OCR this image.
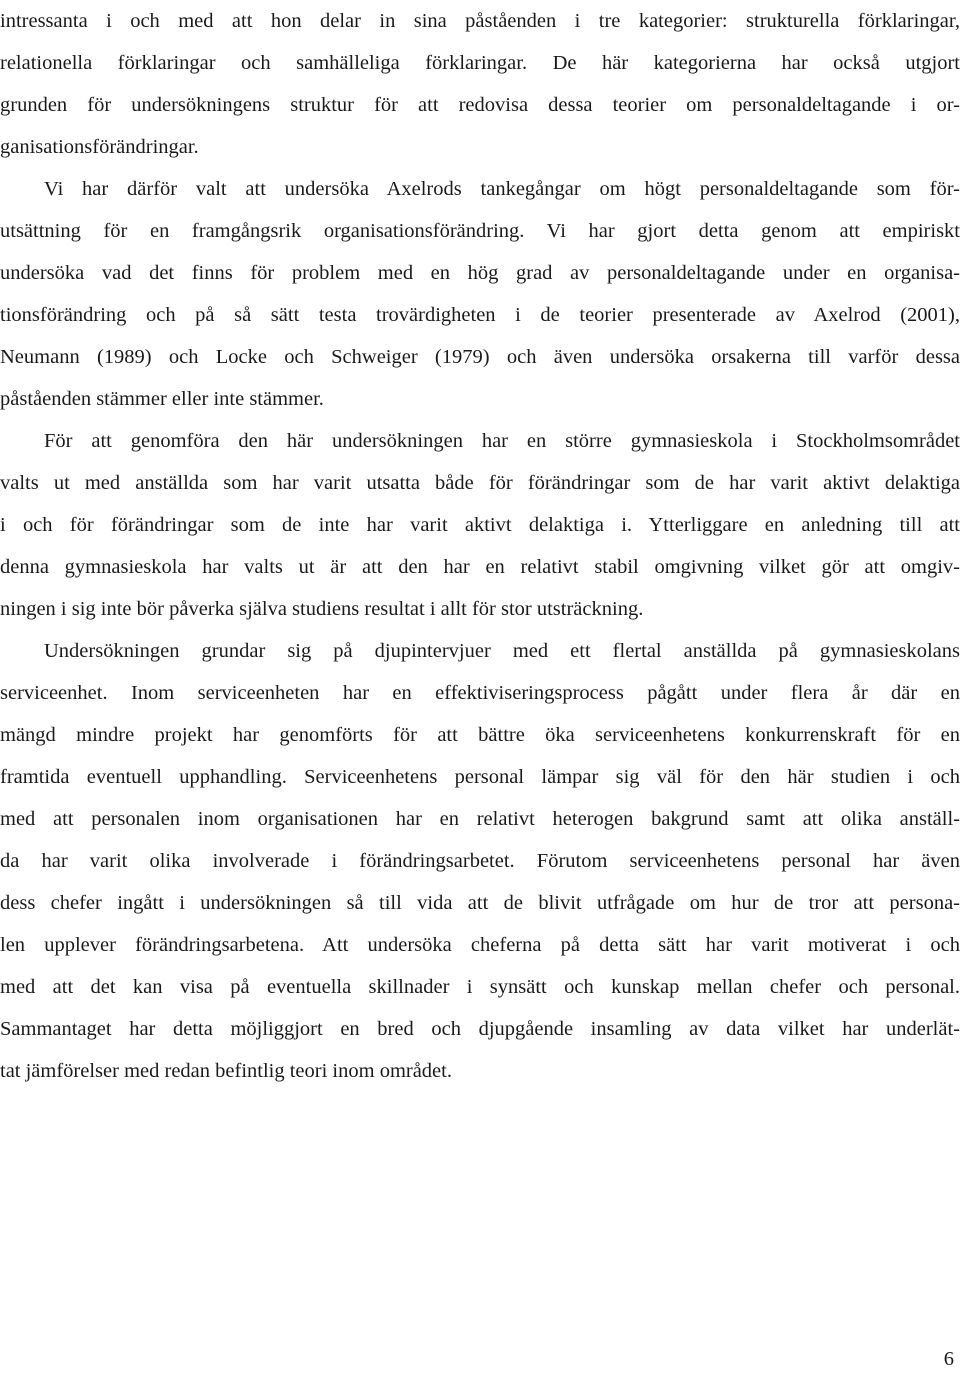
intressanta i och med att hon delar in sina påståenden i tre kategorier: strukturella förklaringar,
relationella förklaringar och samhälleliga förklaringar. De här kategorierna har också utgjort
grunden för undersökningens struktur för att redovisa dessa teorier om personaldeltagande i or-
ganisationsförändringar.
Vi har därför valt att undersöka Axelrods tankegångar om högt personaldeltagande som för-
utsättning för en framgångsrik organisationsförändring. Vi har gjort detta genom att empiriskt
undersöka vad det finns för problem med en hög grad av personaldeltagande under en organisa-
tionsförändring och på så sätt testa trovärdigheten i de teorier presenterade av Axelrod (2001),
Neumann (1989) och Locke och Schweiger (1979) och även undersöka orsakerna till varför dessa
påståenden stämmer eller inte stämmer.
För att genomföra den här undersökningen har en större gymnasieskola i Stockholmsområdet
valts ut med anställda som har varit utsatta både för förändringar som de har varit aktivt delaktiga
i och för förändringar som de inte har varit aktivt delaktiga i. Ytterliggare en anledning till att
denna gymnasieskola har valts ut är att den har en relativt stabil omgivning vilket gör att omgiv-
ningen i sig inte bör påverka själva studiens resultat i allt för stor utsträckning.
Undersökningen grundar sig på djupintervjuer med ett flertal anställda på gymnasieskolans
serviceenhet. Inom serviceenheten har en effektiviseringsprocess pågått under flera år där en
mängd mindre projekt har genomförts för att bättre öka serviceenhetens konkurrenskraft för en
framtida eventuell upphandling. Serviceenhetens personal lämpar sig väl för den här studien i och
med att personalen inom organisationen har en relativt heterogen bakgrund samt att olika anställ-
da har varit olika involverade i förändringsarbetet. Förutom serviceenhetens personal har även
dess chefer ingått i undersökningen så till vida att de blivit utfrågade om hur de tror att persona-
len upplever förändringsarbetena. Att undersöka cheferna på detta sätt har varit motiverat i och
med att det kan visa på eventuella skillnader i synsätt och kunskap mellan chefer och personal.
Sammantaget har detta möjliggjort en bred och djupgående insamling av data vilket har underlät-
tat jämförelser med redan befintlig teori inom området.
6
